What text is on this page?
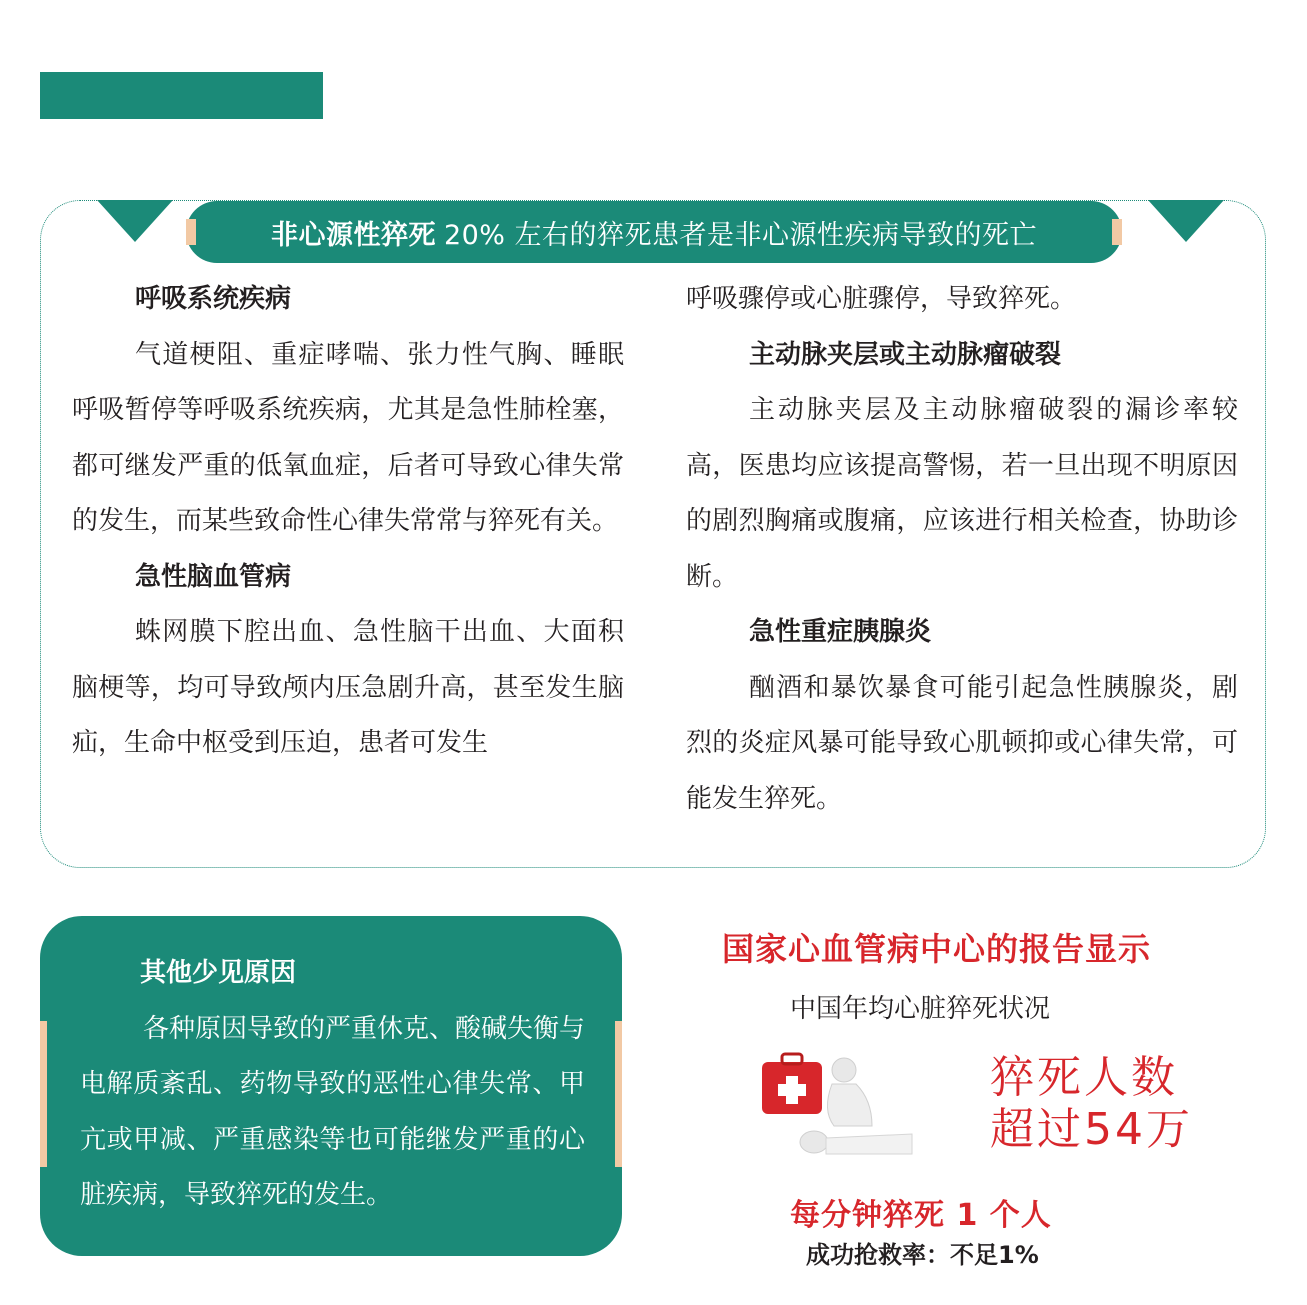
非心源性猝死 20% 左右的猝死患者是非心源性疾病导致的死亡

呼吸系统疾病

气道梗阻、重症哮喘、张力性气胸、睡眠呼吸暂停等呼吸系统疾病，尤其是急性肺栓塞，都可继发严重的低氧血症，后者可导致心律失常的发生，而某些致命性心律失常常与猝死有关。

急性脑血管病

蛛网膜下腔出血、急性脑干出血、大面积脑梗等，均可导致颅内压急剧升高，甚至发生脑疝，生命中枢受到压迫，患者可发生

呼吸骤停或心脏骤停，导致猝死。

主动脉夹层或主动脉瘤破裂

主动脉夹层及主动脉瘤破裂的漏诊率较高，医患均应该提高警惕，若一旦出现不明原因的剧烈胸痛或腹痛，应该进行相关检查，协助诊断。

急性重症胰腺炎

酗酒和暴饮暴食可能引起急性胰腺炎，剧烈的炎症风暴可能导致心肌顿抑或心律失常，可能发生猝死。

其他少见原因

各种原因导致的严重休克、酸碱失衡与电解质紊乱、药物导致的恶性心律失常、甲亢或甲减、严重感染等也可能继发严重的心脏疾病，导致猝死的发生。

国家心血管病中心的报告显示
中国年均心脏猝死状况
猝死人数
超过54万
每分钟猝死 1 个人
成功抢救率：不足1%
